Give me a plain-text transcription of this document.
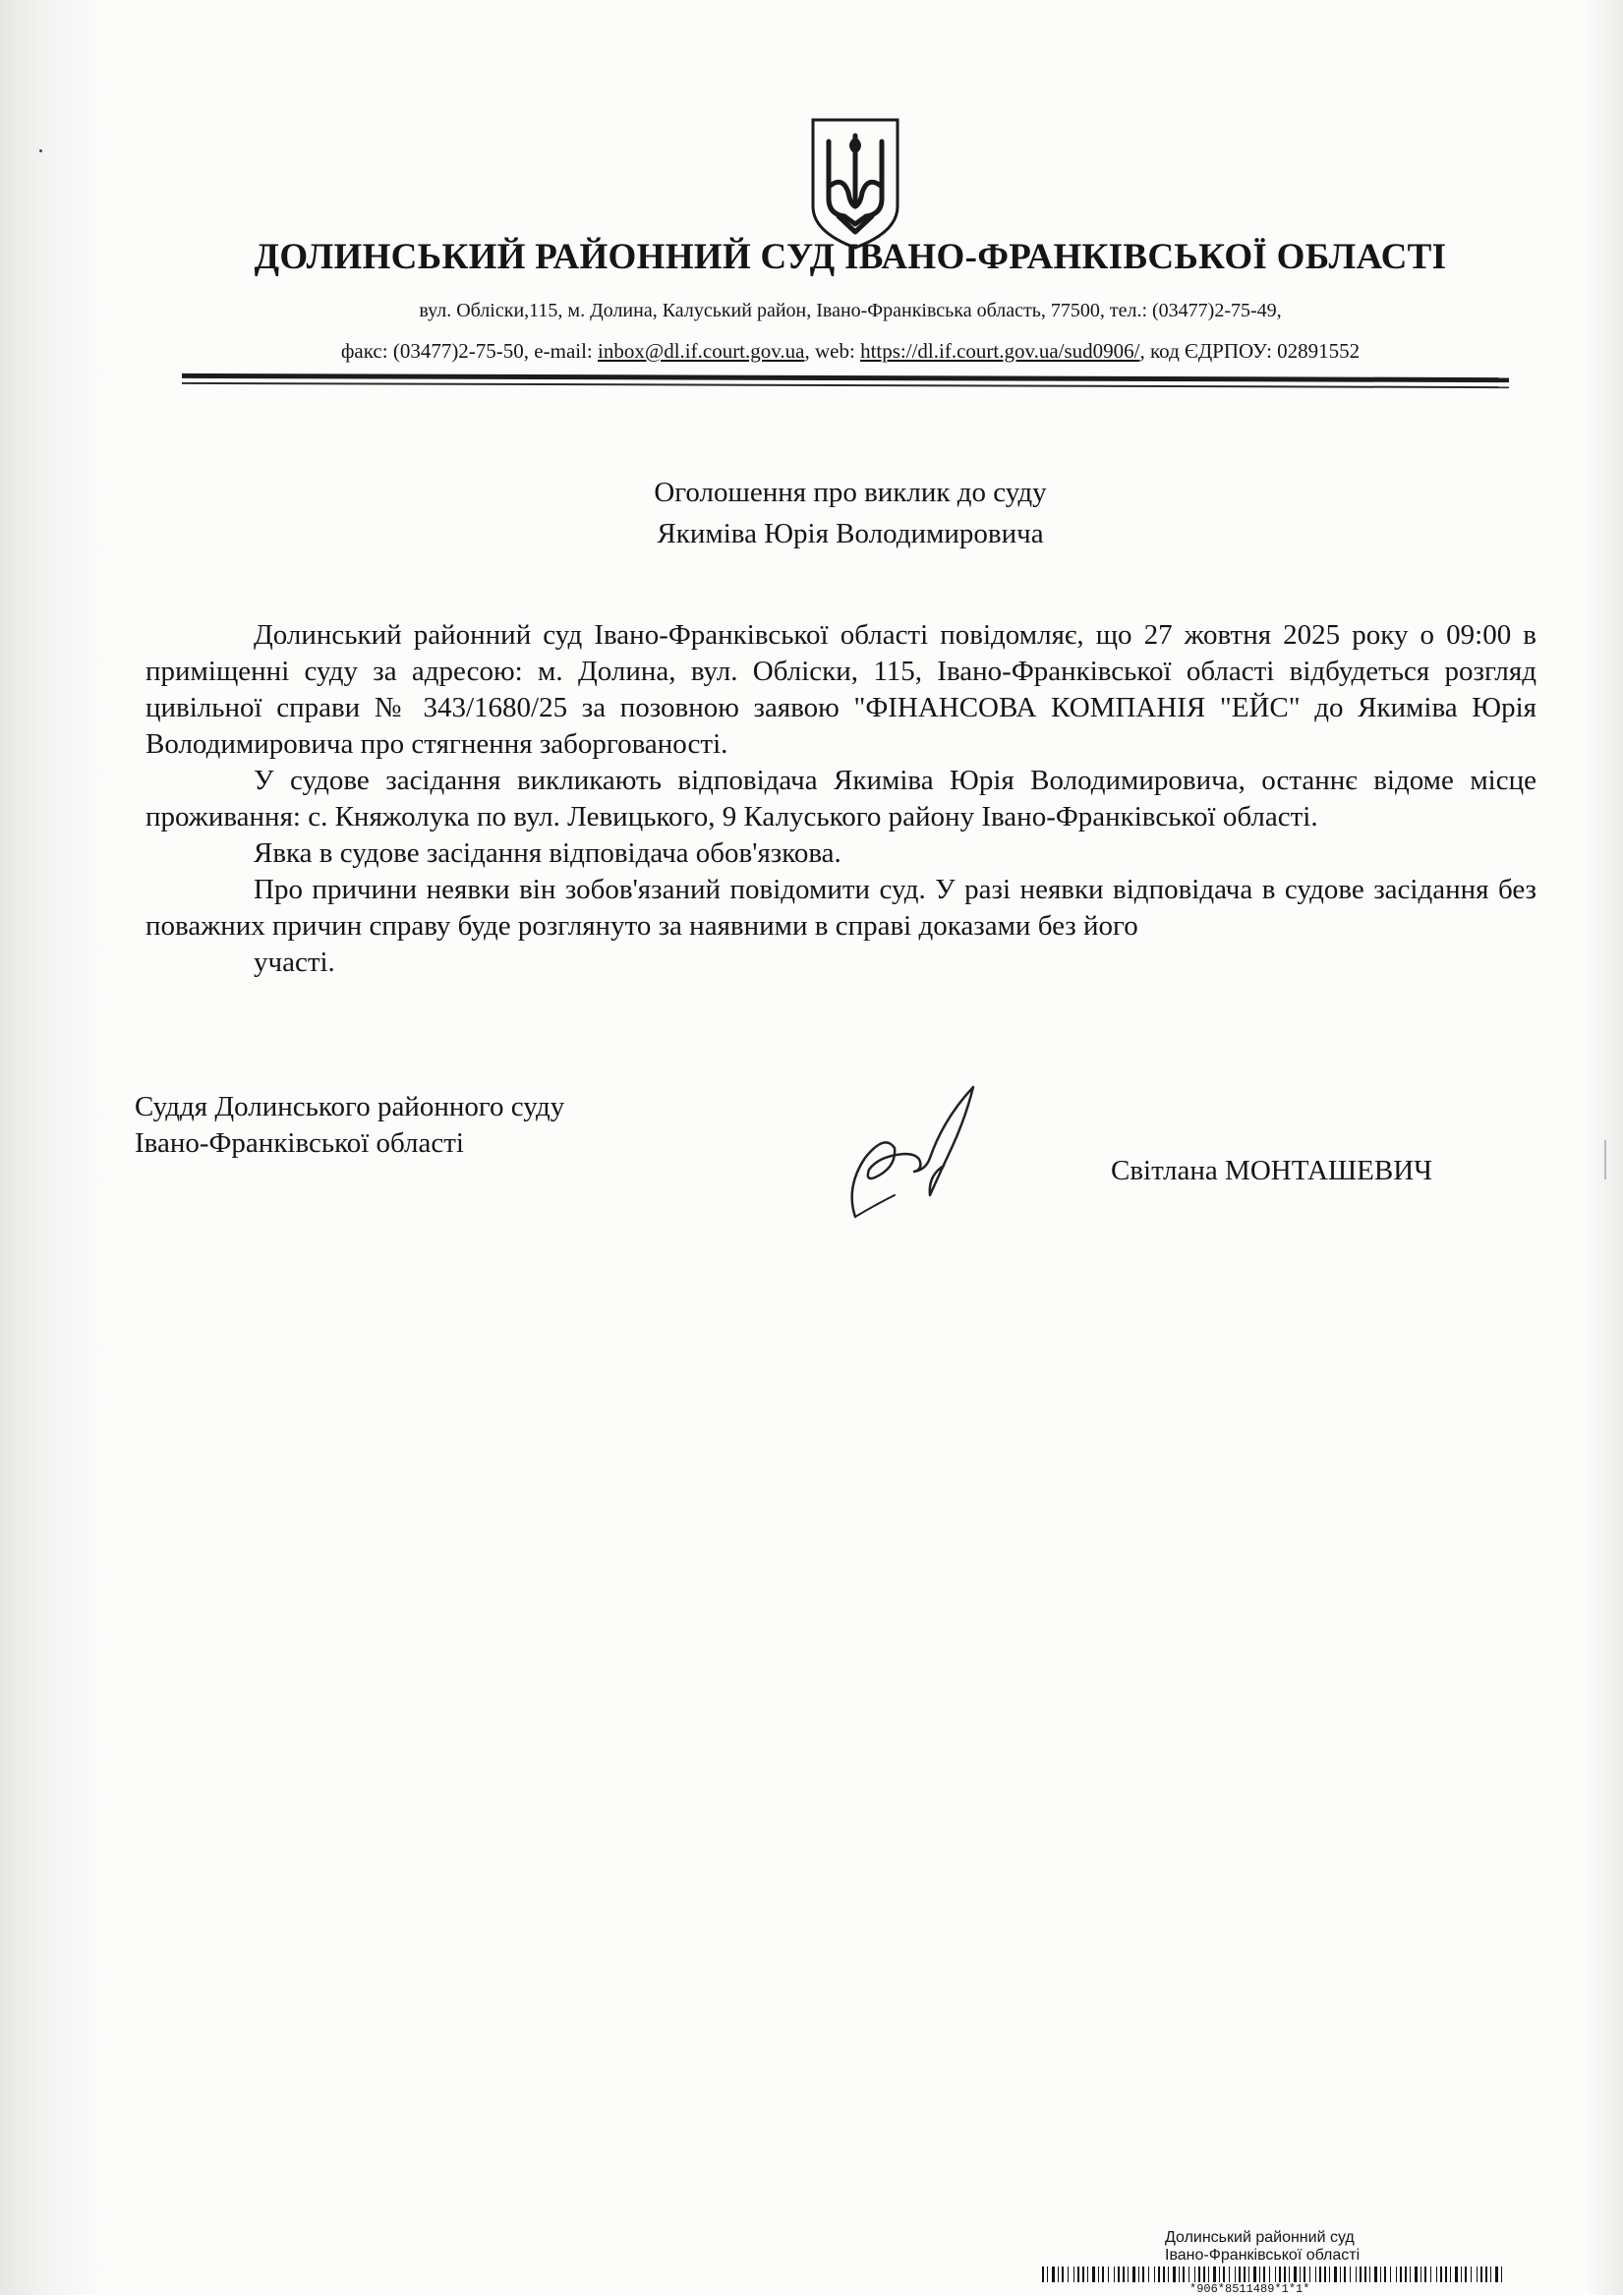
ДОЛИНСЬКИЙ РАЙОННИЙ СУД ІВАНО-ФРАНКІВСЬКОЇ ОБЛАСТІ
вул. Обліски,115, м. Долина, Калуський район, Івано-Франківська область, 77500, тел.: (03477)2-75-49,
факс: (03477)2-75-50, e-mail: inbox@dl.if.court.gov.ua, web: https://dl.if.court.gov.ua/sud0906/, код ЄДРПОУ: 02891552
Оголошення про виклик до суду
Якиміва Юрія Володимировича

Долинський районний суд Івано-Франківської області повідомляє, що 27 жовтня 2025 року о 09:00 в приміщенні суду за адресою: м. Долина, вул. Обліски, 115, Івано-Франківської області відбудеться розгляд цивільної справи № 343/1680/25 за позовною заявою "ФІНАНСОВА КОМПАНІЯ "ЕЙС" до Якиміва Юрія Володимировича про стягнення заборгованості.

У судове засідання викликають відповідача Якиміва Юрія Володимировича, останнє відоме місце проживання: с. Княжолука по вул. Левицького, 9 Калуського району Івано-Франківської області.

Явка в судове засідання відповідача обов'язкова.

Про причини неявки він зобов'язаний повідомити суд. У разі неявки відповідача в судове засідання без поважних причин справу буде розглянуто за наявними в справі доказами без його

участі.
Суддя Долинського районного суду
Івано-Франківської області
Світлана МОНТАШЕВИЧ
Долинський районний суд
Івано-Франківської області
*906*8511489*1*1*
